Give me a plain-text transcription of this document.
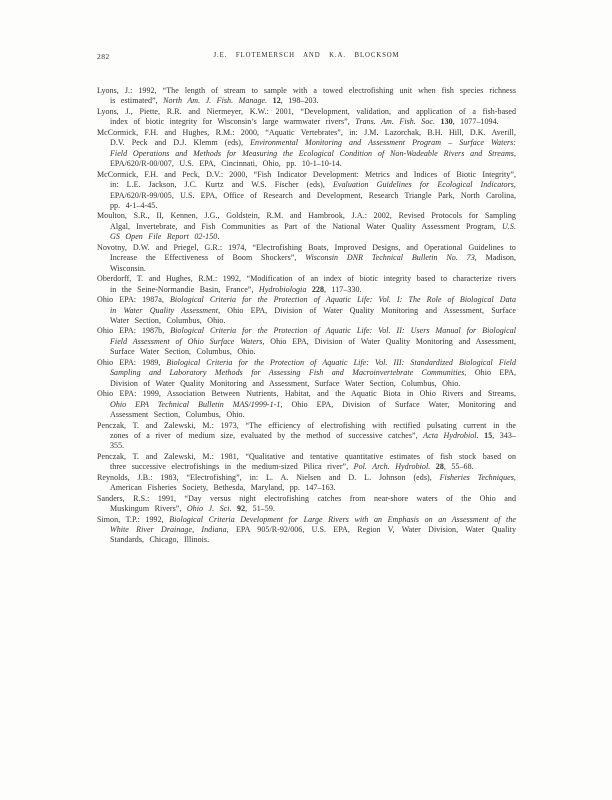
282	J.E. FLOTEMERSCH AND K.A. BLOCKSOM

Lyons, J.: 1992, “The length of stream to sample with a towed electrofishing unit when fish species richness is estimated”, North Am. J. Fish. Manage. 12, 198–203.

Lyons, J., Piette, R.R. and Niermeyer, K.W.: 2001, “Development, validation, and application of a fish-based index of biotic integrity for Wisconsin’s large warmwater rivers”, Trans. Am. Fish. Soc. 130, 1077–1094.

McCormick, F.H. and Hughes, R.M.: 2000, “Aquatic Vertebrates”, in: J.M. Lazorchak, B.H. Hill, D.K. Averill, D.V. Peck and D.J. Klemm (eds), Environmental Monitoring and Assessment Program – Surface Waters: Field Operations and Methods for Measuring the Ecological Condition of Non-Wadeable Rivers and Streams, EPA/620/R-00/007, U.S. EPA, Cincinnati, Ohio, pp. 10-1–10-14.

McCormick, F.H. and Peck, D.V.: 2000, “Fish Indicator Development: Metrics and Indices of Biotic Integrity”, in: L.E. Jackson, J.C. Kurtz and W.S. Fischer (eds), Evaluation Guidelines for Ecological Indicators, EPA/620/R-99/005, U.S. EPA, Office of Research and Development, Research Triangle Park, North Carolina, pp. 4-1–4-45.

Moulton, S.R., II, Kennen, J.G., Goldstein, R.M. and Hambrook, J.A.: 2002, Revised Protocols for Sampling Algal, Invertebrate, and Fish Communities as Part of the National Water Quality Assessment Program, U.S. GS Open File Report 02-150.

Novotny, D.W. and Priegel, G.R.: 1974, “Electrofishing Boats, Improved Designs, and Operational Guidelines to Increase the Effectiveness of Boom Shockers”, Wisconsin DNR Technical Bulletin No. 73, Madison, Wisconsin.

Oberdorff, T. and Hughes, R.M.: 1992, “Modification of an index of biotic integrity based to characterize rivers in the Seine-Normandie Basin, France”, Hydrobiologia 228, 117–330.

Ohio EPA: 1987a, Biological Criteria for the Protection of Aquatic Life: Vol. I: The Role of Biological Data in Water Quality Assessment, Ohio EPA, Division of Water Quality Monitoring and Assessment, Surface Water Section, Columbus, Ohio.

Ohio EPA: 1987b, Biological Criteria for the Protection of Aquatic Life: Vol. II: Users Manual for Biological Field Assessment of Ohio Surface Waters, Ohio EPA, Division of Water Quality Monitoring and Assessment, Surface Water Section, Columbus, Ohio.

Ohio EPA: 1989, Biological Criteria for the Protection of Aquatic Life: Vol. III: Standardized Biological Field Sampling and Laboratory Methods for Assessing Fish and Macroinvertebrate Communities, Ohio EPA, Division of Water Quality Monitoring and Assessment, Surface Water Section, Columbus, Ohio.

Ohio EPA: 1999, Association Between Nutrients, Habitat, and the Aquatic Biota in Ohio Rivers and Streams, Ohio EPA Technical Bulletin MAS/1999-1-1, Ohio EPA, Division of Surface Water, Monitoring and Assessment Section, Columbus, Ohio.

Penczak, T. and Zalewski, M.: 1973, “The efficiency of electrofishing with rectified pulsating current in the zones of a river of medium size, evaluated by the method of successive catches”, Acta Hydrobiol. 15, 343–355.

Penczak, T. and Zalewski, M.: 1981, “Qualitative and tentative quantitative estimates of fish stock based on three successive electrofishings in the medium-sized Pilica river”, Pol. Arch. Hydrobiol. 28, 55–68.

Reynolds, J.B.: 1983, “Electrofishing”, in: L. A. Nielsen and D. L. Johnson (eds), Fisheries Techniques, American Fisheries Society, Bethesda, Maryland, pp. 147–163.

Sanders, R.S.: 1991, “Day versus night electrofishing catches from near-shore waters of the Ohio and Muskingum Rivers”, Ohio J. Sci. 92, 51–59.

Simon, T.P.: 1992, Biological Criteria Development for Large Rivers with an Emphasis on an Assessment of the White River Drainage, Indiana, EPA 905/R-92/006, U.S. EPA, Region V, Water Division, Water Quality Standards, Chicago, Illinois.
